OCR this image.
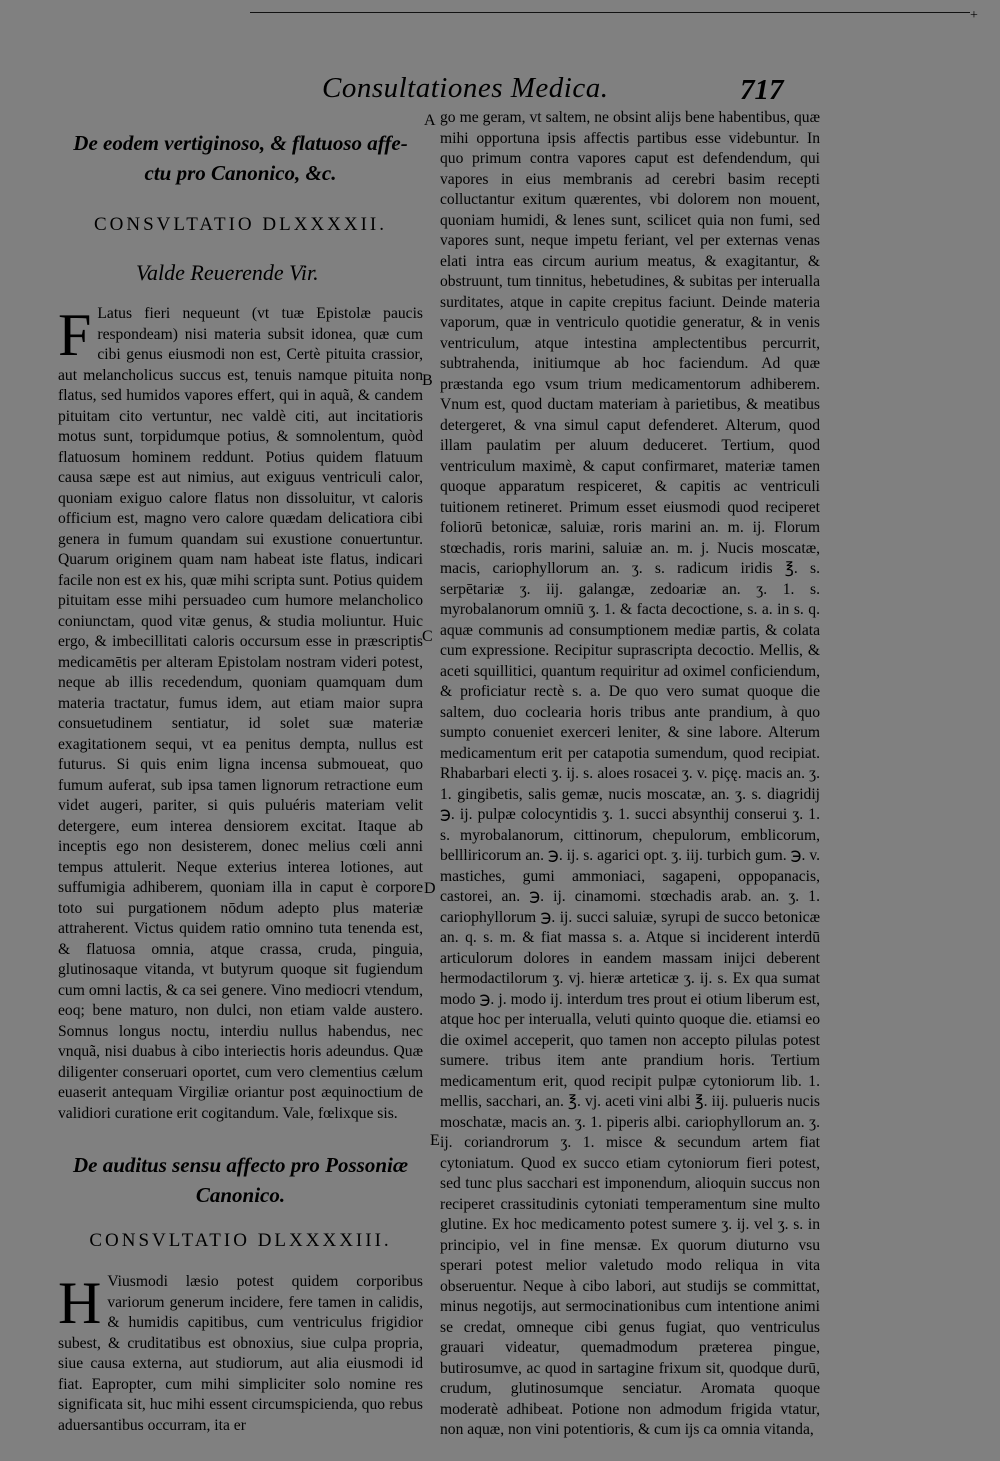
+
Consultationes Medica.	717
De eodem vertiginoso, & flatuoso affe- ctu pro Canonico, &c.
CONSVLTATIO DLXXXXII.
Valde Reuerende Vir.

F Latus fieri nequeunt (vt tuæ Epistolæ paucis respondeam) nisi materia subsit idonea, quæ cum cibi genus eiusmodi non est, Certè pituita crassior, aut melancholicus succus est, tenuis namque pituita non flatus, sed humidos vapores effert, qui in aquã, & candem pituitam cito vertuntur, nec valdè citi, aut incitatioris motus sunt, torpidumque potius, & somnolentum, quòd flatuosum hominem reddunt. Potius quidem flatuum causa sæpe est aut nimius, aut exiguus ventriculi calor, quoniam exiguo calore flatus non dissoluitur, vt caloris officium est, magno vero calore quædam delicatiora cibi genera in fumum quandam sui exustione conuertuntur. Quarum originem quam nam habeat iste flatus, indicari facile non est ex his, quæ mihi scripta sunt. Potius quidem pituitam esse mihi persuadeo cum humore melancholico coniunctam, quod vitæ genus, & studia moliuntur. Huic ergo, & imbecillitati caloris occursum esse in præscriptis medicamētis per alteram Epistolam nostram videri potest, neque ab illis recedendum, quoniam quamquam dum materia tractatur, fumus idem, aut etiam maior supra consuetudinem sentiatur, id solet suæ materiæ exagitationem sequi, vt ea penitus dempta, nullus est futurus. Si quis enim ligna incensa submoueat, quo fumum auferat, sub ipsa tamen lignorum retractione eum videt augeri, pariter, si quis puluéris materiam velit detergere, eum interea densiorem excitat. Itaque ab inceptis ego non desisterem, donec melius cœli anni tempus attulerit. Neque exterius interea lotiones, aut suffumigia adhiberem, quoniam illa in caput è corpore toto sui purgationem nōdum adepto plus materiæ attraherent. Victus quidem ratio omnino tuta tenenda est, & flatuosa omnia, atque crassa, cruda, pinguia, glutinosaque vitanda, vt butyrum quoque sit fugiendum cum omni lactis, & ca sei genere. Vino mediocri vtendum, eoq; bene maturo, non dulci, non etiam valde austero. Somnus longus noctu, interdiu nullus habendus, nec vnquã, nisi duabus à cibo interiectis horis adeundus. Quæ diligenter conseruari oportet, cum vero clementius cælum euaserit antequam Virgiliæ oriantur post æquinoctium de validiori curatione erit cogitandum. Vale, fœlixque sis.

De auditus sensu affecto pro Possoniæ Canonico.
CONSVLTATIO DLXXXXIII.

H Viusmodi læsio potest quidem corporibus variorum generum incidere, fere tamen in calidis, & humidis capitibus, cum ventriculus frigidior subest, & cruditatibus est obnoxius, siue culpa propria, siue causa externa, aut studiorum, aut alia eiusmodi id fiat. Eapropter, cum mihi simpliciter solo nomine res significata sit, huc mihi essent circumspicienda, quo rebus aduersantibus occurram, ita er

go me geram, vt saltem, ne obsint alijs bene habentibus, quæ mihi opportuna ipsis affectis partibus esse videbuntur. In quo primum contra vapores caput est defendendum, qui vapores in eius membranis ad cerebri basim recepti colluctantur exitum quærentes, vbi dolorem non mouent, quoniam humidi, & lenes sunt, scilicet quia non fumi, sed vapores sunt, neque impetu feriant, vel per externas venas elati intra eas circum aurium meatus, & exagitantur, & obstruunt, tum tinnitus, hebetudines, & subitas per interualla surditates, atque in capite crepitus faciunt. Deinde materia vaporum, quæ in ventriculo quotidie generatur, & in venis ventriculum, atque intestina amplectentibus percurrit, subtrahenda, initiumque ab hoc faciendum. Ad quæ præstanda ego vsum trium medicamentorum adhiberem. Vnum est, quod ductam materiam à parietibus, & meatibus detergeret, & vna simul caput defenderet. Alterum, quod illam paulatim per aluum deduceret. Tertium, quod ventriculum maximè, & caput confirmaret, materiæ tamen quoque apparatum respiceret, & capitis ac ventriculi tuitionem retineret. Primum esset eiusmodi quod reciperet foliorū betonicæ, saluiæ, roris marini an. m. ij. Florum stœchadis, roris marini, saluiæ an. m. j. Nucis moscatæ, macis, cariophyllorum an. ʒ. s. radicum iridis ℥. s. serpētariæ ʒ. iij. galangæ, zedoariæ an. ʒ. 1. s. myrobalanorum omniū ʒ. 1. & facta decoctione, s. a. in s. q. aquæ communis ad consumptionem mediæ partis, & colata cum expressione. Recipitur suprascripta decoctio. Mellis, & aceti squillitici, quantum requiritur ad oximel conficiendum, & proficiatur rectè s. a. De quo vero sumat quoque die saltem, duo coclearia horis tribus ante prandium, à quo sumpto conueniet exerceri leniter, & sine labore. Alterum medicamentum erit per catapotia sumendum, quod recipiat. Rhabarbari electi ʒ. ij. s. aloes rosacei ʒ. v. piçę. macis an. ʒ. 1. gingibetis, salis gemæ, nucis moscatæ, an. ʒ. s. diagridij ℈. ij. pulpæ colocyntidis ʒ. 1. succi absynthij conserui ʒ. 1. s. myrobalanorum, cittinorum, chepulorum, emblicorum, bellliricorum an. ℈. ij. s. agarici opt. ʒ. iij. turbich gum. ℈. v. mastiches, gumi ammoniaci, sagapeni, oppopanacis, castorei, an. ℈. ij. cinamomi. stœchadis arab. an. ʒ. 1. cariophyllorum ℈. ij. succi saluiæ, syrupi de succo betonicæ an. q. s. m. & fiat massa s. a. Atque si inciderent interdū articulorum dolores in eandem massam inijci deberent hermodactilorum ʒ. vj. hieræ arteticæ ʒ. ij. s. Ex qua sumat modo ℈. j. modo ij. interdum tres prout ei otium liberum est, atque hoc per interualla, veluti quinto quoque die. etiamsi eo die oximel acceperit, quo tamen non accepto pilulas potest sumere. tribus item ante prandium horis. Tertium medicamentum erit, quod recipit pulpæ cytoniorum lib. 1. mellis, sacchari, an. ℥. vj. aceti vini albi ℥. iij. pulueris nucis moschatæ, macis an. ʒ. 1. piperis albi. cariophyllorum an. ʒ. ij. coriandrorum ʒ. 1. misce & secundum artem fiat cytoniatum. Quod ex succo etiam cytoniorum fieri potest, sed tunc plus sacchari est imponendum, alioquin succus non reciperet crassitudinis cytoniati temperamentum sine multo glutine. Ex hoc medicamento potest sumere ʒ. ij. vel ʒ. s. in principio, vel in fine mensæ. Ex quorum diuturno vsu sperari potest melior valetudo modo reliqua in vita obseruentur. Neque à cibo labori, aut studijs se committat, minus negotijs, aut sermocinationibus cum intentione animi se credat, omneque cibi genus fugiat, quo ventriculus grauari videatur, quemadmodum præterea pingue, butirosumve, ac quod in sartagine frixum sit, quodque durū, crudum, glutinosumque senciatur. Aromata quoque moderatè adhibeat. Potione non admodum frigida vtatur, non aquæ, non vini potentioris, & cum ijs ca omnia vitanda,

A
B
C
D
E
